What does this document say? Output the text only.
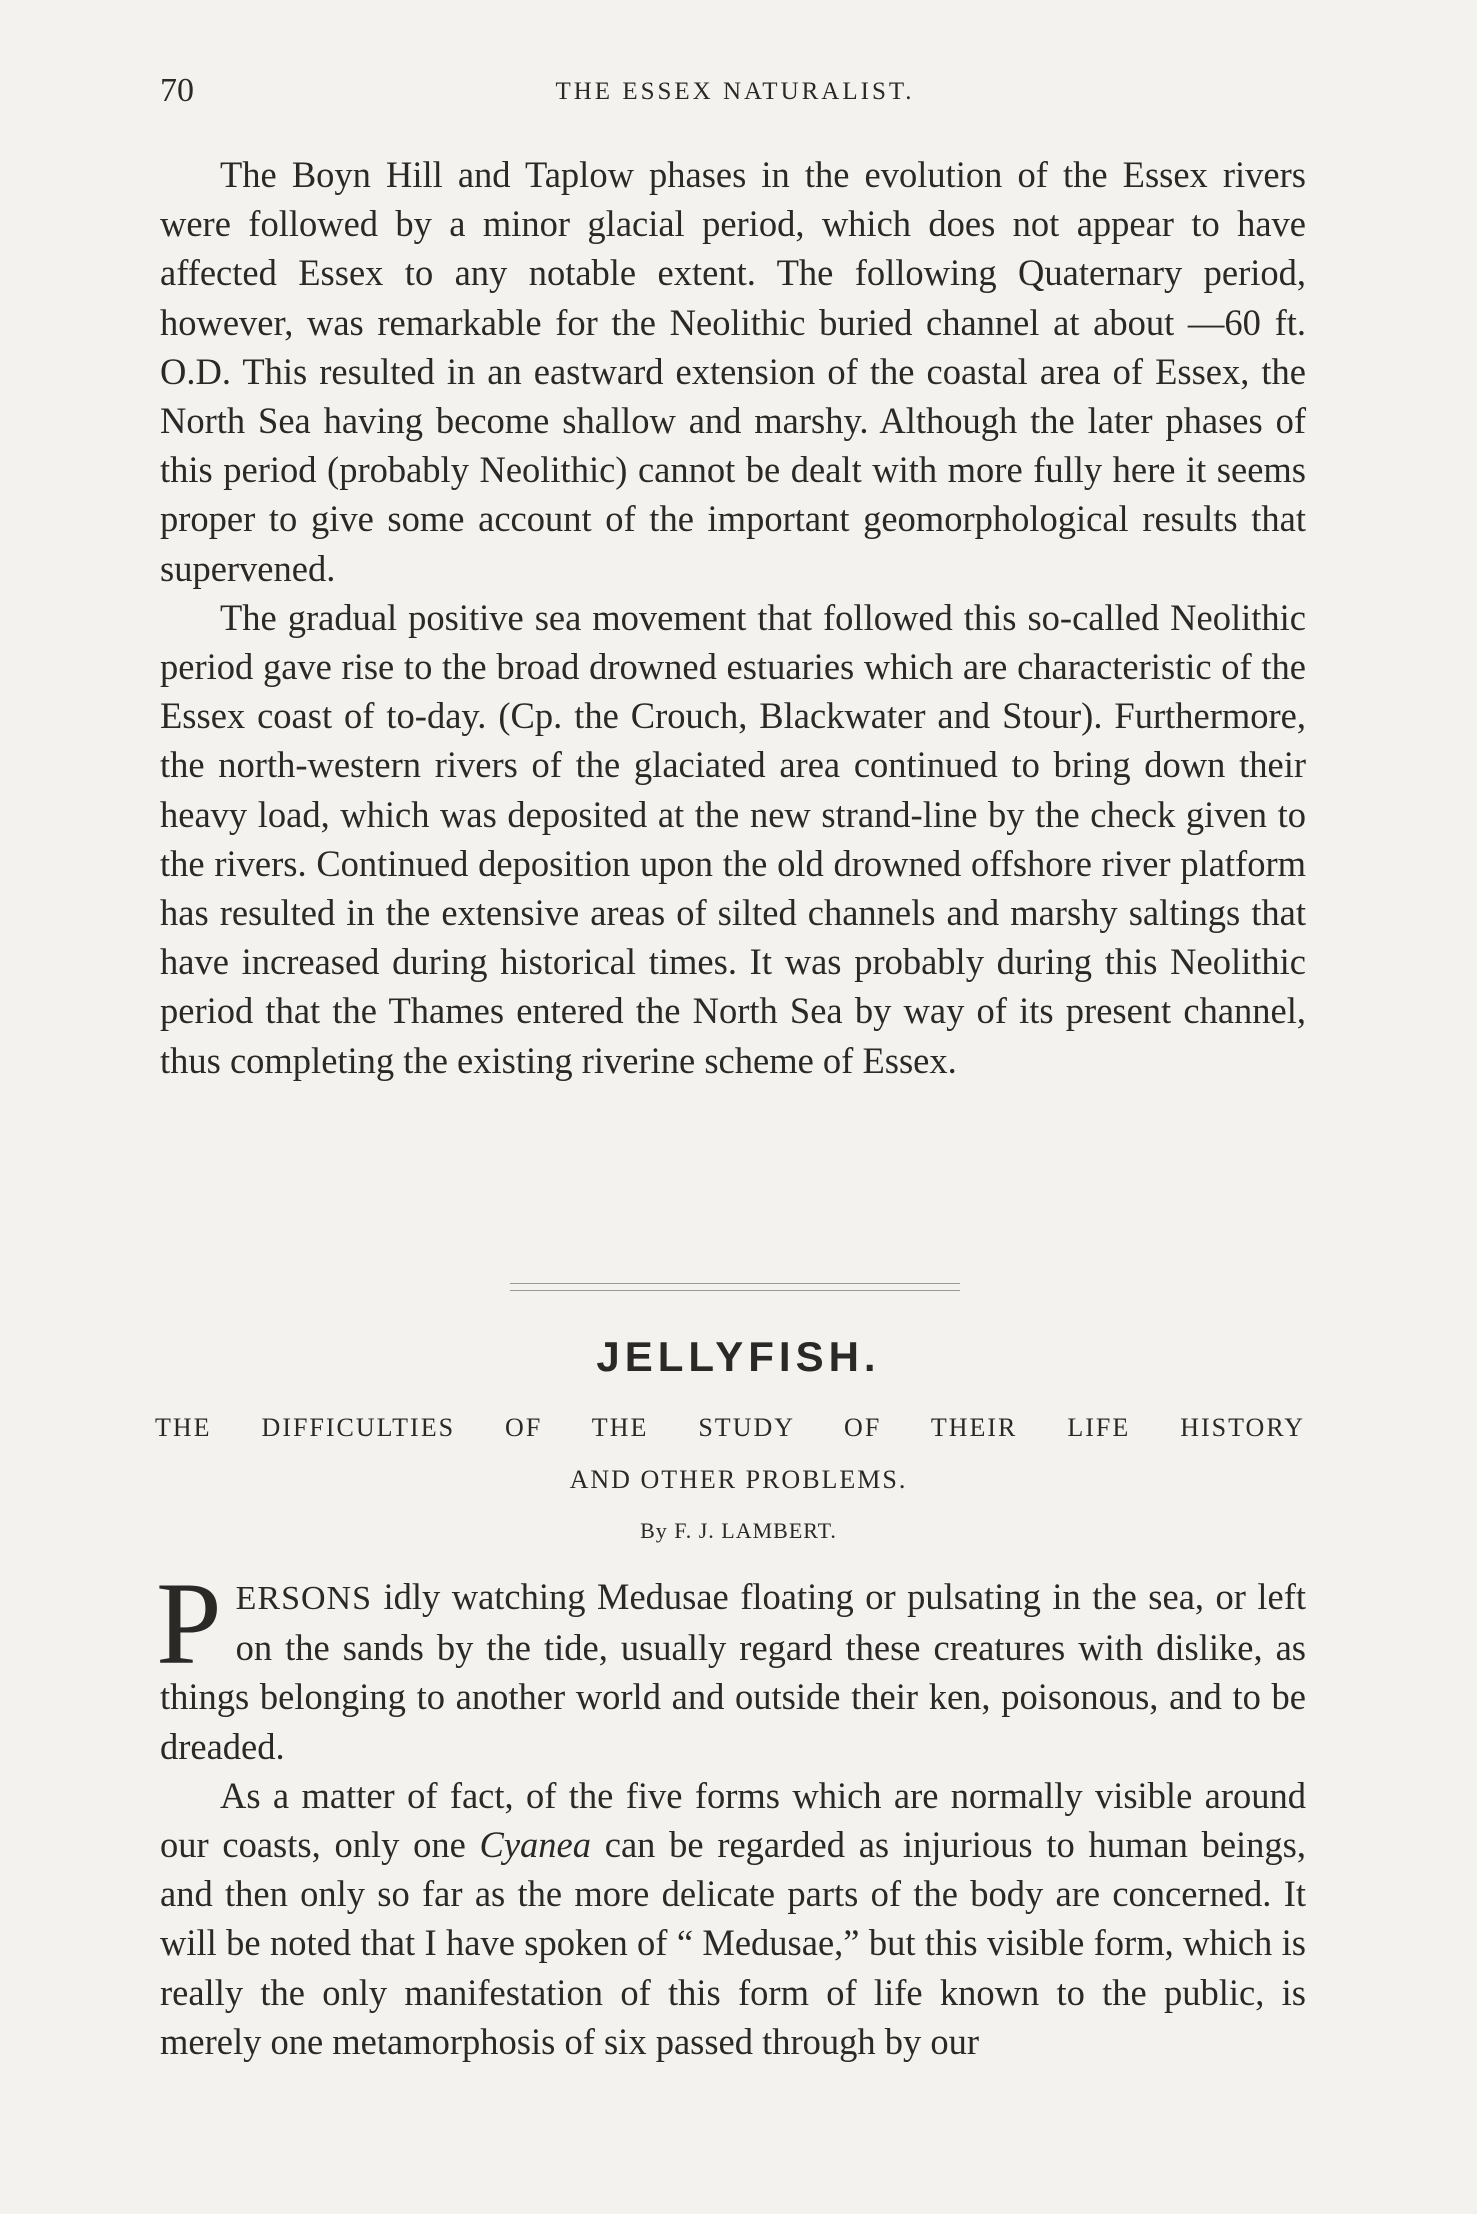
70	THE ESSEX NATURALIST.

The Boyn Hill and Taplow phases in the evolution of the Essex rivers were followed by a minor glacial period, which does not appear to have affected Essex to any notable extent. The following Quaternary period, however, was remarkable for the Neolithic buried channel at about —60 ft. O.D. This resulted in an eastward extension of the coastal area of Essex, the North Sea having become shallow and marshy. Although the later phases of this period (probably Neolithic) cannot be dealt with more fully here it seems proper to give some account of the important geomorphological results that supervened.

The gradual positive sea movement that followed this so-called Neolithic period gave rise to the broad drowned estuaries which are characteristic of the Essex coast of to-day. (Cp. the Crouch, Blackwater and Stour). Furthermore, the north-western rivers of the glaciated area continued to bring down their heavy load, which was deposited at the new strand-line by the check given to the rivers. Continued deposition upon the old drowned offshore river platform has resulted in the extensive areas of silted channels and marshy saltings that have increased during historical times. It was probably during this Neolithic period that the Thames entered the North Sea by way of its present channel, thus completing the existing riverine scheme of Essex.

JELLYFISH.
THE DIFFICULTIES OF THE STUDY OF THEIR LIFE HISTORY
AND OTHER PROBLEMS.
By F. J. LAMBERT.

PERSONS idly watching Medusae floating or pulsating in the sea, or left on the sands by the tide, usually regard these creatures with dislike, as things belonging to another world and outside their ken, poisonous, and to be dreaded.

As a matter of fact, of the five forms which are normally visible around our coasts, only one Cyanea can be regarded as injurious to human beings, and then only so far as the more delicate parts of the body are concerned. It will be noted that I have spoken of “ Medusae,” but this visible form, which is really the only manifestation of this form of life known to the public, is merely one metamorphosis of six passed through by our
